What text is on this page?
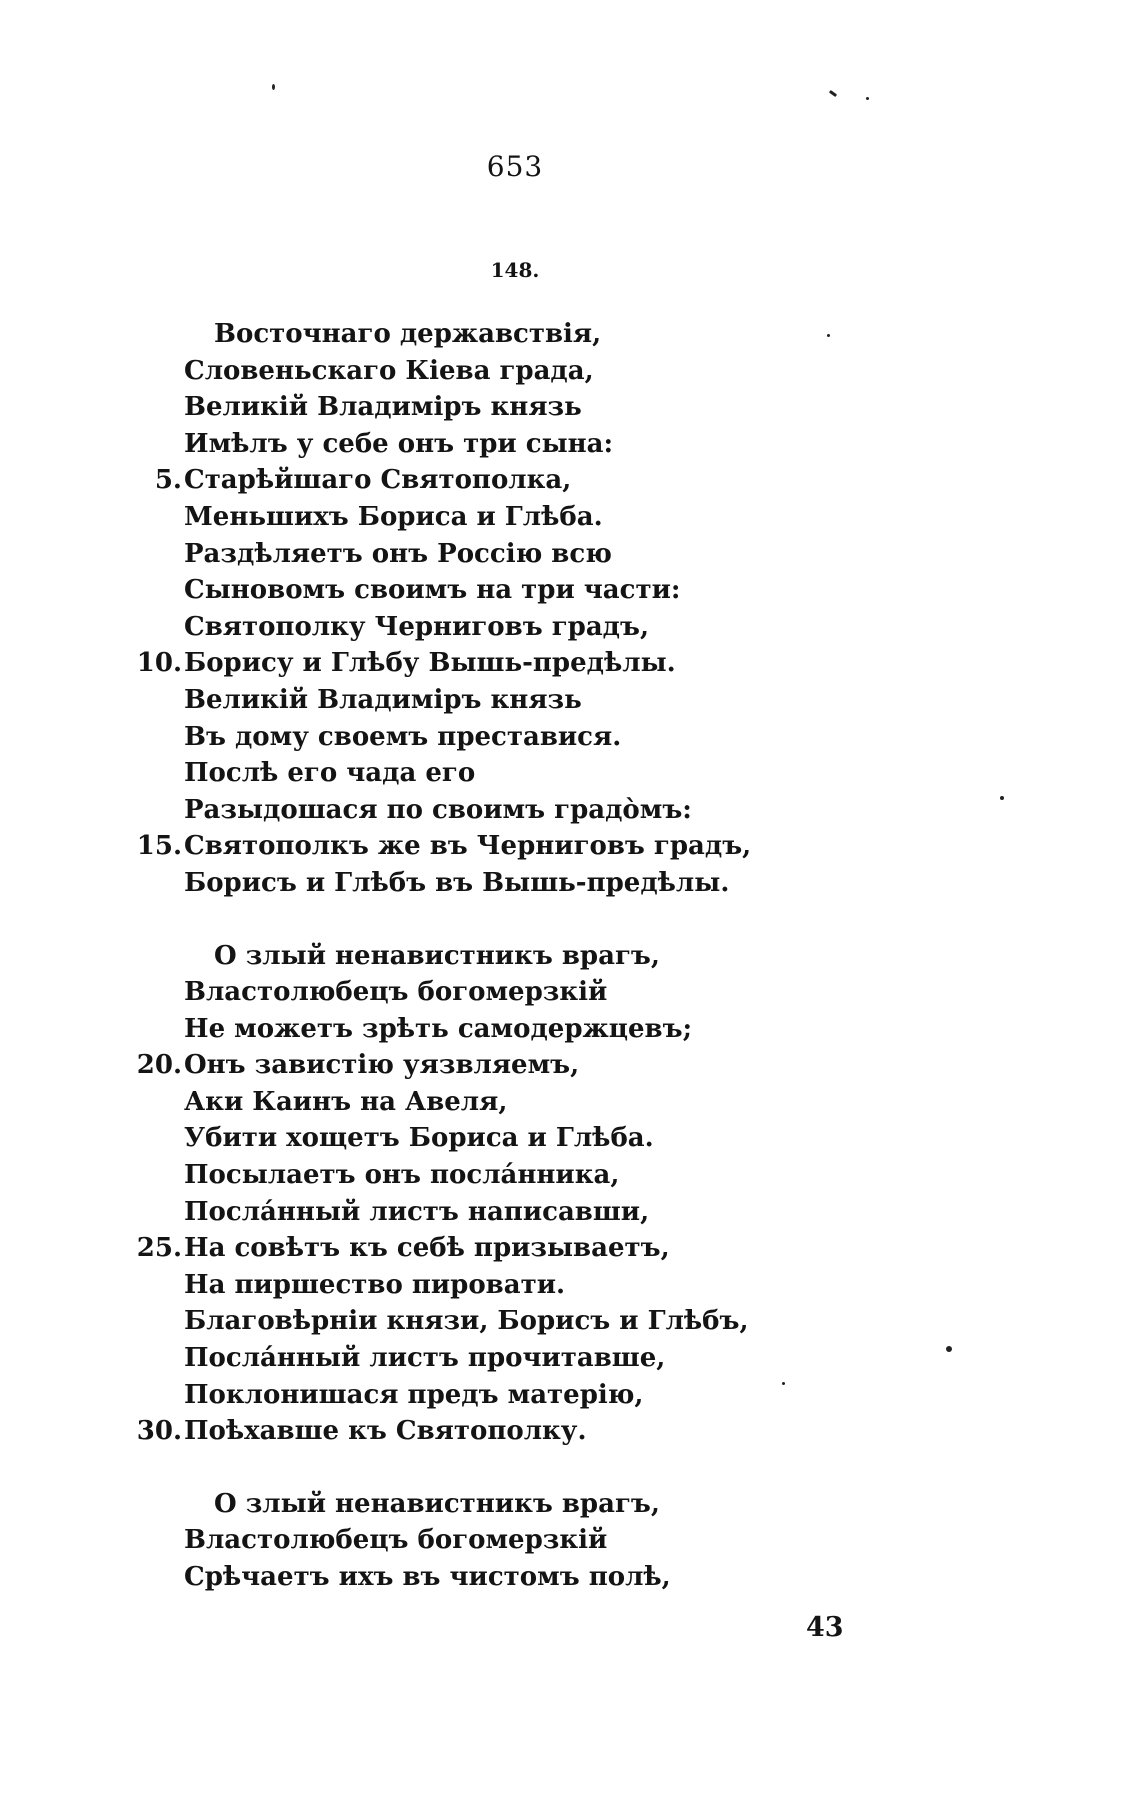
653
148.
Восточнаго державствія,
Словеньскаго Кіева града,
Великій Владиміръ князь
Имѣлъ у себе онъ три сына:
5. Старѣйшаго Святополка,
Меньшихъ Бориса и Глѣба.
Раздѣляетъ онъ Россію всю
Сыновомъ своимъ на три части:
Святополку Черниговъ градъ,
10. Борису и Глѣбу Вышь-предѣлы.
Великій Владиміръ князь
Въ дому своемъ преставися.
Послѣ его чада его
Разыдошася по своимъ градо̀мъ:
15. Святополкъ же въ Черниговъ градъ,
Борисъ и Глѣбъ въ Вышь-предѣлы.
О злый ненавистникъ врагъ,
Властолюбецъ богомерзкій
Не можетъ зрѣть самодержцевъ;
20. Онъ завистію уязвляемъ,
Аки Каинъ на Авеля,
Убити хощетъ Бориса и Глѣба.
Посылаетъ онъ посла́нника,
Посла́нный листъ написавши,
25. На совѣтъ къ себѣ призываетъ,
На пиршество пировати.
Благовѣрніи князи, Борисъ и Глѣбъ,
Посла́нный листъ прочитавше,
Поклонишася предъ матерію,
30. Поѣхавше къ Святополку.
О злый ненавистникъ врагъ,
Властолюбецъ богомерзкій
Срѣчаетъ ихъ въ чистомъ полѣ,
43
